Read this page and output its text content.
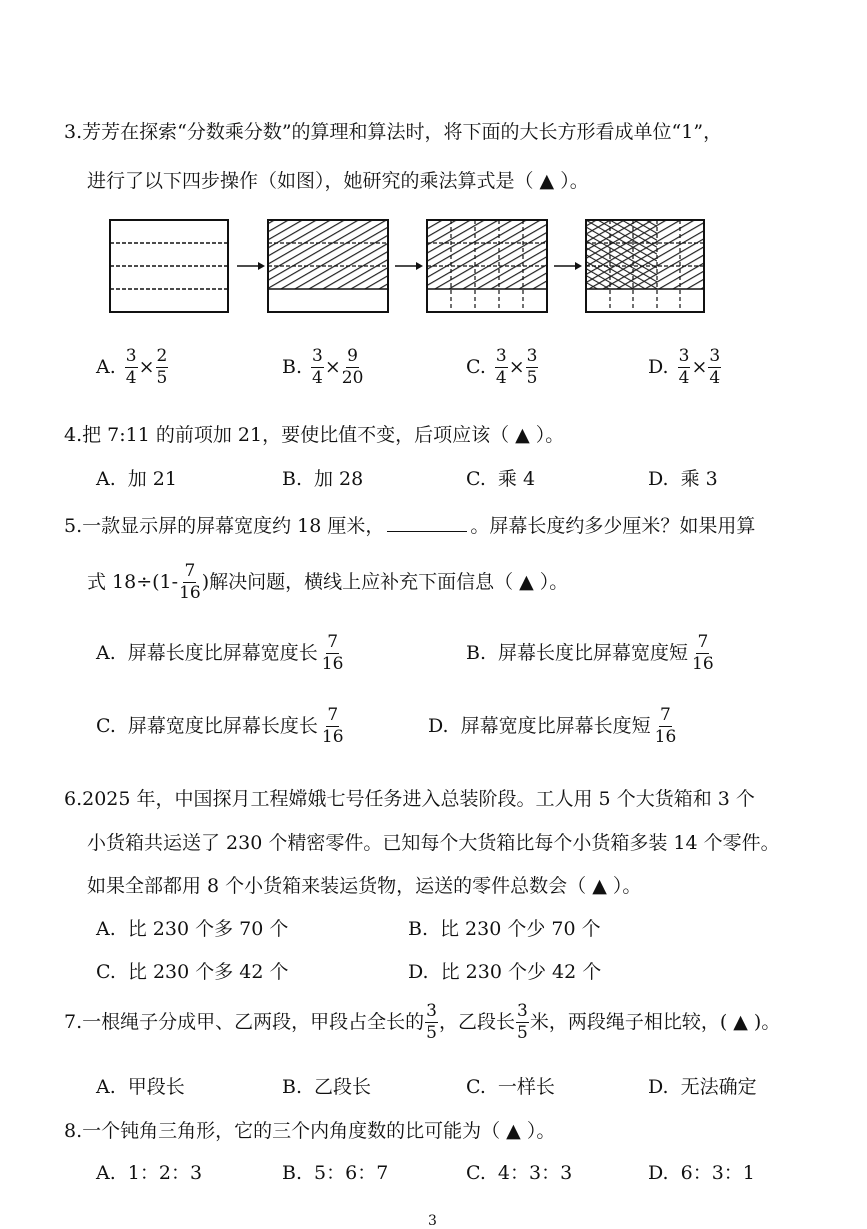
3.芳芳在探索“分数乘分数”的算理和算法时，将下面的大长方形看成单位“1”，
进行了以下四步操作（如图），她研究的乘法算式是（ ▲ ）。
A. $\frac{3}{4} \times \frac{2}{5}$	B. $\frac{3}{4} \times \frac{9}{20}$	C. $\frac{3}{4} \times \frac{3}{5}$	D. $\frac{3}{4} \times \frac{3}{4}$
4.把 7:11 的前项加 21，要使比值不变，后项应该（ ▲ ）。
A. 加 21	B. 加 28	C. 乘 4	D. 乘 3
5.一款显示屏的屏幕宽度约 18 厘米，	。屏幕长度约多少厘米？如果用算
式 $18\div(1- \frac{7}{16}$ )解决问题，横线上应补充下面信息（ ▲ ）。
A. 屏幕长度比屏幕宽度长 $\frac{7}{16}$	B. 屏幕长度比屏幕宽度短 $\frac{7}{16}$
C. 屏幕宽度比屏幕长度长 $\frac{7}{16}$	D. 屏幕宽度比屏幕长度短 $\frac{7}{16}$
6.2025 年，中国探月工程嫦娥七号任务进入总装阶段。工人用 5 个大货箱和 3 个
小货箱共运送了 230 个精密零件。已知每个大货箱比每个小货箱多装 14 个零件。
如果全部都用 8 个小货箱来装运货物，运送的零件总数会（ ▲ ）。
A. 比 230 个多 70 个	B. 比 230 个少 70 个
C. 比 230 个多 42 个	D. 比 230 个少 42 个
7.一根绳子分成甲、乙两段，甲段占全长的 $\frac{3}{5}$ ，乙段长 $\frac{3}{5}$ 米，两段绳子相比较，( ▲ )。
A. 甲段长	B. 乙段长	C. 一样长	D. 无法确定
8.一个钝角三角形，它的三个内角度数的比可能为（ ▲ ）。
A. 1：2：3	B. 5：6：7	C. 4：3：3	D. 6：3：1
3
